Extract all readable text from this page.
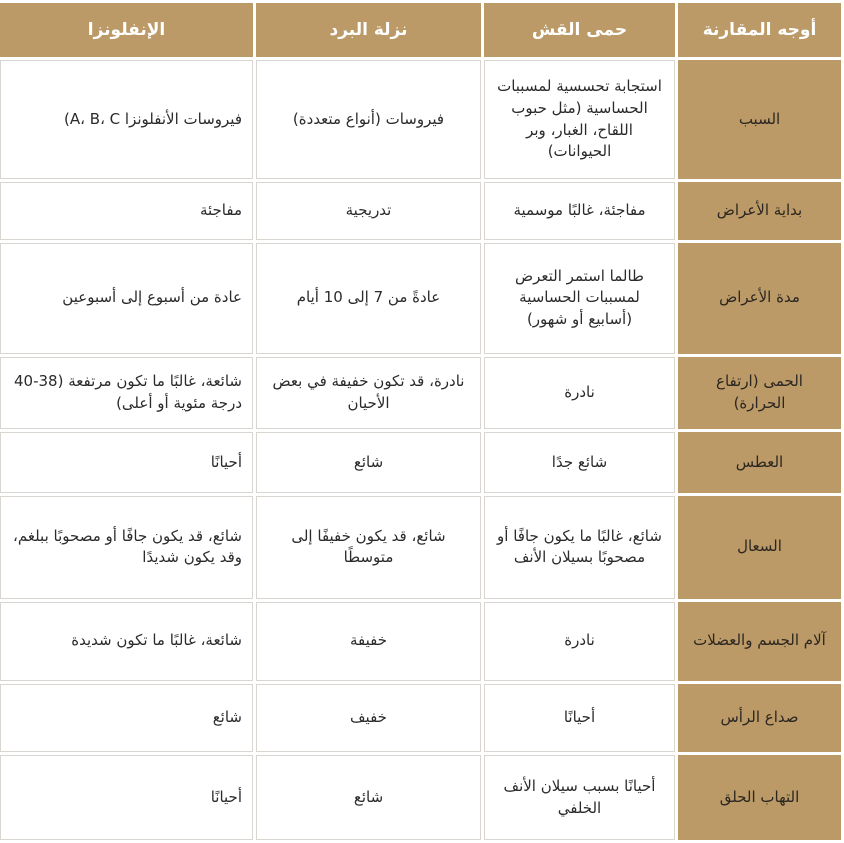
أوجه المقارنة	حمى القش	نزلة البرد	الإنفلونزا
السبب	استجابة تحسسية لمسببات الحساسية (مثل حبوب اللقاح، الغبار، وبر الحيوانات)	فيروسات (أنواع متعددة)	فيروسات الأنفلونزا A، B، C)
بداية الأعراض	مفاجئة، غالبًا موسمية	تدريجية	مفاجئة
مدة الأعراض	طالما استمر التعرض لمسببات الحساسية (أسابيع أو شهور)	عادةً من 7 إلى 10 أيام	عادة من أسبوع إلى أسبوعين
الحمى (ارتفاع الحرارة)	نادرة	نادرة، قد تكون خفيفة في بعض الأحيان	شائعة، غالبًا ما تكون مرتفعة (38-40 درجة مئوية أو أعلى)
العطس	شائع جدًا	شائع	أحيانًا
السعال	شائع، غالبًا ما يكون جافًا أو مصحوبًا بسيلان الأنف	شائع، قد يكون خفيفًا إلى متوسطًا	شائع، قد يكون جافًا أو مصحوبًا ببلغم، وقد يكون شديدًا
آلام الجسم والعضلات	نادرة	خفيفة	شائعة، غالبًا ما تكون شديدة
صداع الرأس	أحيانًا	خفيف	شائع
التهاب الحلق	أحيانًا بسبب سيلان الأنف الخلفي	شائع	أحيانًا
